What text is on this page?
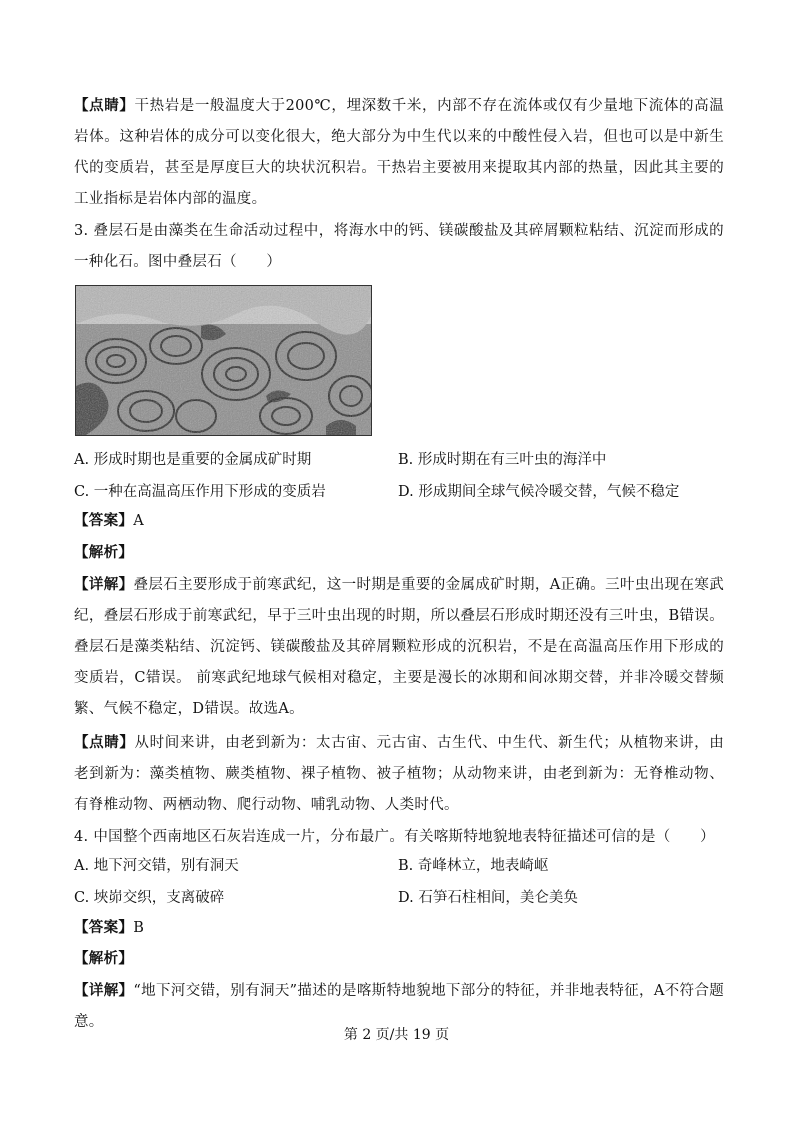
【点睛】干热岩是一般温度大于200℃，埋深数千米，内部不存在流体或仅有少量地下流体的高温岩体。这种岩体的成分可以变化很大，绝大部分为中生代以来的中酸性侵入岩，但也可以是中新生代的变质岩，甚至是厚度巨大的块状沉积岩。干热岩主要被用来提取其内部的热量，因此其主要的工业指标是岩体内部的温度。

3. 叠层石是由藻类在生命活动过程中，将海水中的钙、镁碳酸盐及其碎屑颗粒粘结、沉淀而形成的一种化石。图中叠层石（　　）

A. 形成时期也是重要的金属成矿时期	B. 形成时期在有三叶虫的海洋中

C. 一种在高温高压作用下形成的变质岩	D. 形成期间全球气候冷暖交替，气候不稳定

【答案】A

【解析】

【详解】叠层石主要形成于前寒武纪，这一时期是重要的金属成矿时期，A正确。三叶虫出现在寒武纪，叠层石形成于前寒武纪，早于三叶虫出现的时期，所以叠层石形成时期还没有三叶虫，B错误。叠层石是藻类粘结、沉淀钙、镁碳酸盐及其碎屑颗粒形成的沉积岩，不是在高温高压作用下形成的变质岩，C错误。 前寒武纪地球气候相对稳定，主要是漫长的冰期和间冰期交替，并非冷暖交替频繁、气候不稳定，D错误。故选A。

【点睛】从时间来讲，由老到新为：太古宙、元古宙、古生代、中生代、新生代；从植物来讲，由老到新为：藻类植物、蕨类植物、裸子植物、被子植物；从动物来讲，由老到新为：无脊椎动物、有脊椎动物、两栖动物、爬行动物、哺乳动物、人类时代。

4. 中国整个西南地区石灰岩连成一片，分布最广。有关喀斯特地貌地表特征描述可信的是（　　）

A. 地下河交错，别有洞天	B. 奇峰林立，地表崎岖

C. 埉峁交织，支离破碎	D. 石笋石柱相间，美仑美奂

【答案】B

【解析】

【详解】“地下河交错，别有洞天”描述的是喀斯特地貌地下部分的特征，并非地表特征，A不符合题意。

第 2 页/共 19 页
